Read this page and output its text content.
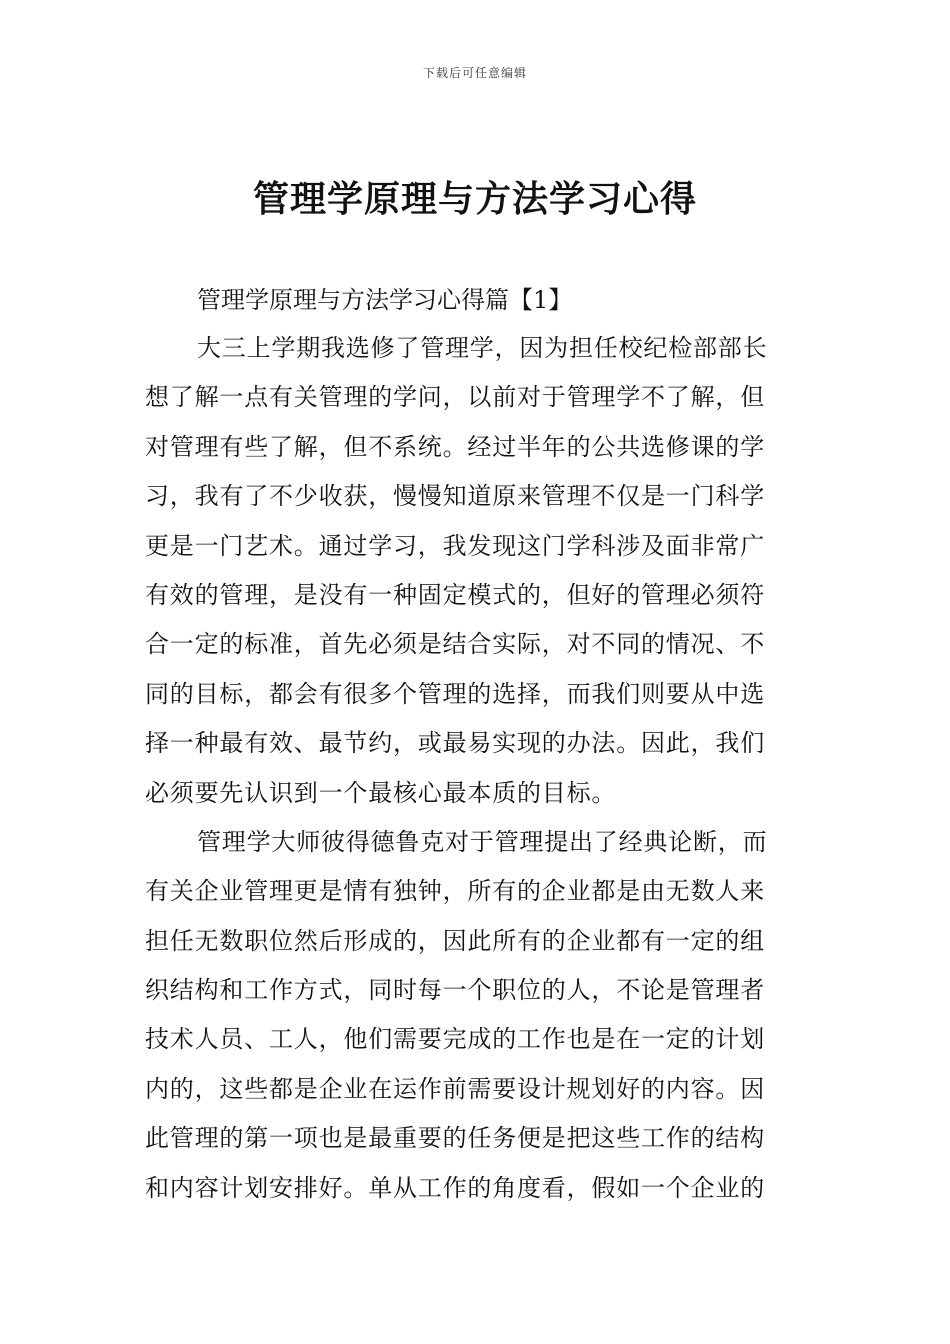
下载后可任意编辑
管理学原理与方法学习心得
管理学原理与方法学习心得篇【1】
大三上学期我选修了管理学，因为担任校纪检部部长
想了解一点有关管理的学问，以前对于管理学不了解，但
对管理有些了解，但不系统。经过半年的公共选修课的学
习，我有了不少收获，慢慢知道原来管理不仅是一门科学
更是一门艺术。通过学习，我发现这门学科涉及面非常广
有效的管理，是没有一种固定模式的，但好的管理必须符
合一定的标准，首先必须是结合实际，对不同的情况、不
同的目标，都会有很多个管理的选择，而我们则要从中选
择一种最有效、最节约，或最易实现的办法。因此，我们
必须要先认识到一个最核心最本质的目标。
管理学大师彼得德鲁克对于管理提出了经典论断，而
有关企业管理更是情有独钟，所有的企业都是由无数人来
担任无数职位然后形成的，因此所有的企业都有一定的组
织结构和工作方式，同时每一个职位的人，不论是管理者
技术人员、工人，他们需要完成的工作也是在一定的计划
内的，这些都是企业在运作前需要设计规划好的内容。因
此管理的第一项也是最重要的任务便是把这些工作的结构
和内容计划安排好。单从工作的角度看，假如一个企业的
